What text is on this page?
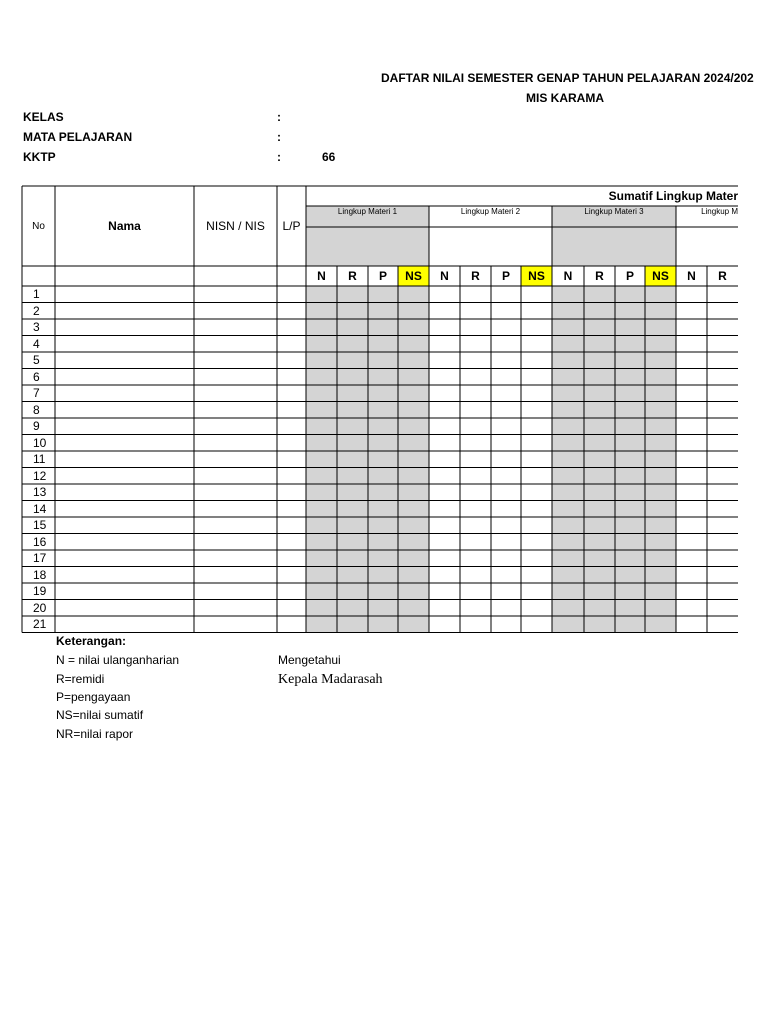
DAFTAR NILAI SEMESTER GENAP TAHUN PELAJARAN 2024/202
MIS KARAMA
KELAS	:
MATA PELAJARAN	:
KKTP	:	66
No	Nama	NISN / NIS	L/P
Sumatif Lingkup Mater
Lingkup Materi 1	Lingkup Materi 2	Lingkup Materi 3	Lingkup M
N	R	P	NS	N	R	P	NS	N	R	P	NS	N	R
1
2
3
4
5
6
7
8
9
10
11
12
13
14
15
16
17
18
19
20
21
Keterangan:
N = nilai ulanganharian
R=remidi
P=pengayaan
NS=nilai sumatif
NR=nilai rapor
Mengetahui
Kepala Madarasah
